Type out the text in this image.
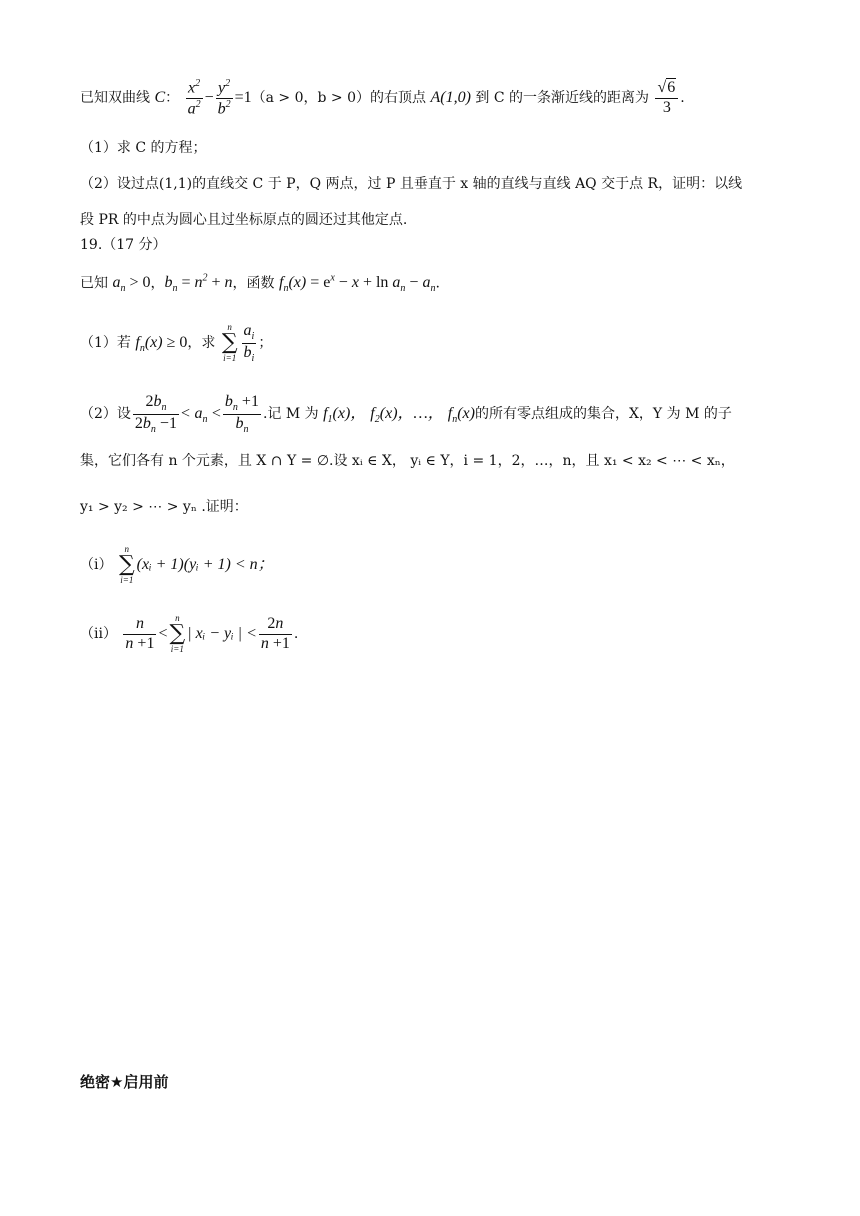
已知双曲线 C： $\frac{x^2}{a^2} - \frac{y^2}{b^2} =1(a > 0$，b > 0）的右顶点 A(1,0) 到 C 的一条渐近线的距离为 $\frac{√6}{3}$ .
（1）求 C 的方程；
（2）设过点(1,1)的直线交 C 于 P，Q 两点，过 P 且垂直于 x 轴的直线与直线 AQ 交于点 R，证明：以线
段 PR 的中点为圆心且过坐标原点的圆还过其他定点.
19.（17 分）
已知 $a_n > 0$，$b_n = n^2 + n$，函数 $f_n(x) = e^x - x + \ln a_n - a_n$.
（1）若 $f_n(x) \ge 0$，求
n
∑
$i=1 \frac{a_i}{b_i}$ ；
（2）设 $\frac{2b_n}{2b_n -1} < a_n < \frac{b_n +1}{b_n}$ .记 M 为 $f_1(x)$， $f_2(x)$，…， $f_n(x)$的所有零点组成的集合，X，Y 为 M 的子
集，它们各有 n 个元素，且 X ∩ Y = ∅.设 xᵢ ∈ X， yᵢ ∈ Y，i = 1，2，…，n，且 x₁ < x₂ < ⋯ < xₙ，
y₁ > y₂ > ⋯ > yₙ .证明：
（i）
n
∑
i=1
(xᵢ + 1)(yᵢ + 1) < n；
$(ii) \frac{n}{n +1}$ <
n
∑
i=1
| xᵢ − yᵢ | < $\frac{2n}{n +1}$ .
绝密★启用前
